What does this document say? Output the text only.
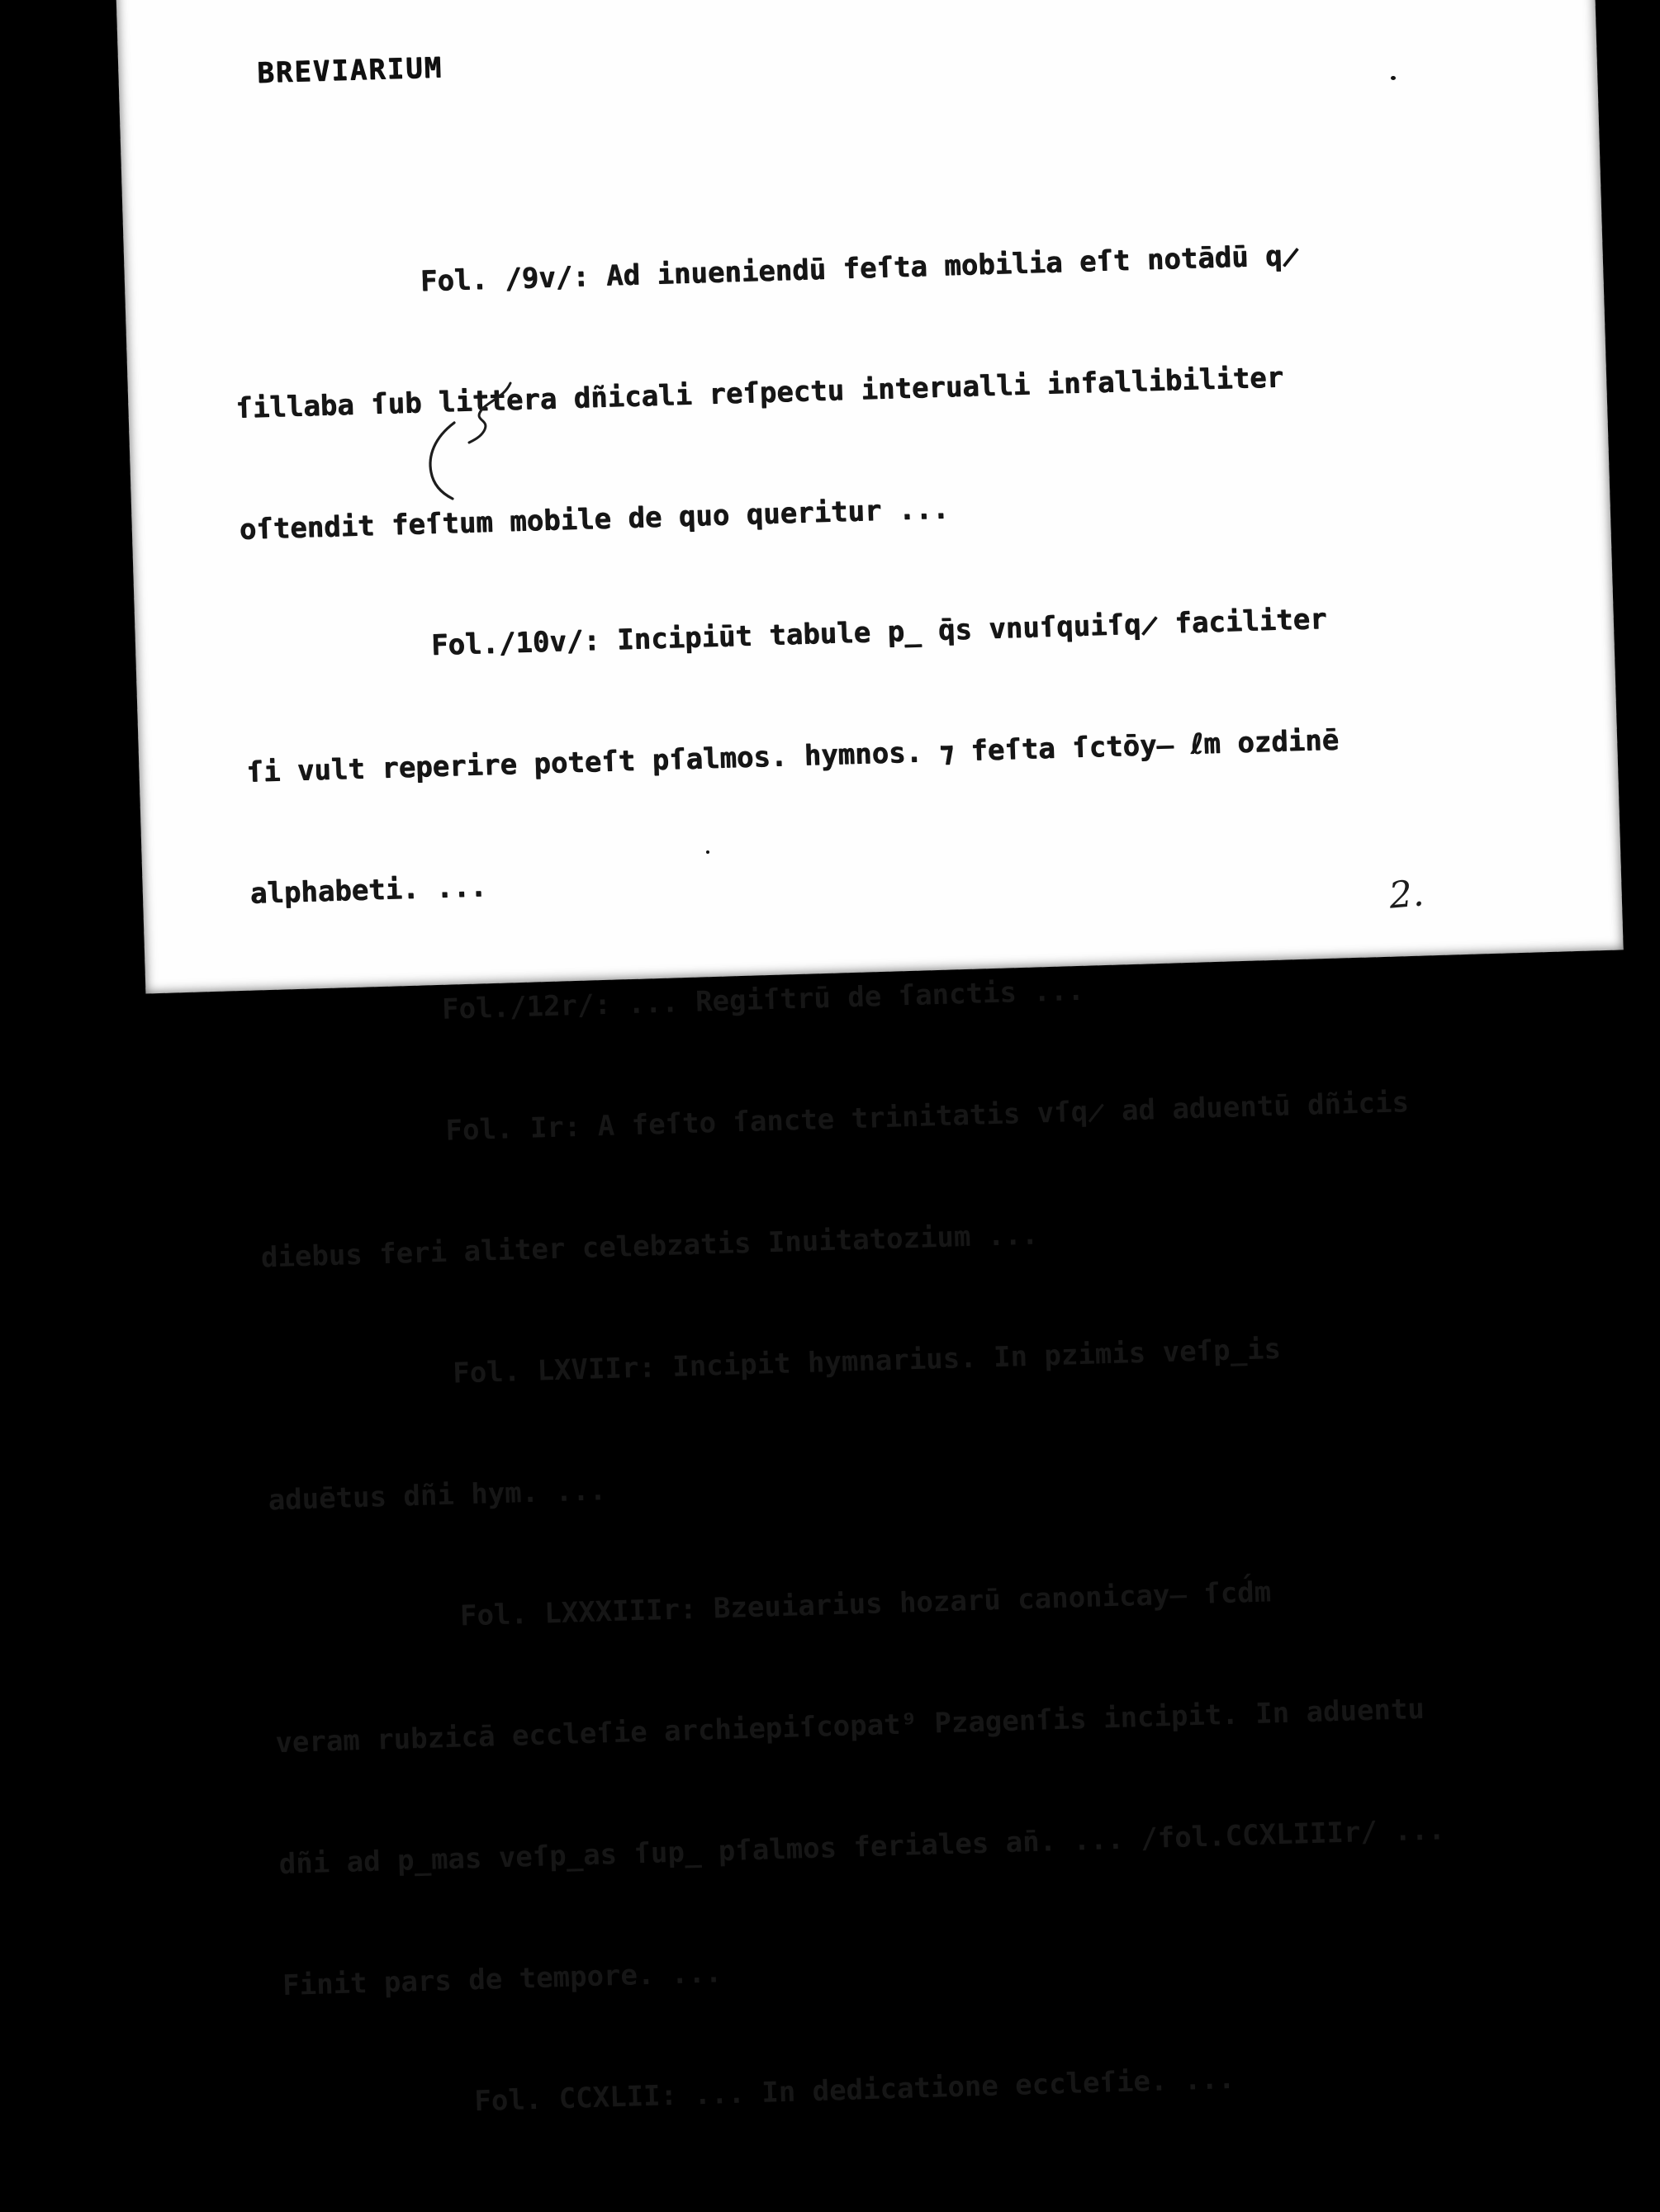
BREVIARIUM

Fol. /9v/: Ad inueniendū feſta mobilia eſt notādū q̷

ſillaba ſub littera dñicali reſpectu interualli infallibiliter

oſtendit feſtum mobile de quo queritur ...

Fol./10v/: Incipiūt tabule p̲ q̄s vnuſquiſq̷ faciliter

ſi vult reperire poteſt pſalmos. hymnos. ⁊ feſta ſctōy̶ ℓm ozdinē

alphabeti. ...

Fol./12r/: ... Regiſtrū de ſanctis ...

Fol. Ir: A feſto ſancte trinitatis vſq̷ ad aduentū dñicis

diebus feri aliter celebzatis Inuitatozium ...

Fol. LXVIIr: Incipit hymnarius. In pzimis veſp̲is

aduētus dñi hym. ...

Fol. LXXXIIIr: Bzeuiarius hozarū canonicay̶ ſcd́m

veram rubzicā eccleſie archiepiſcopat⁹ Pzagenſis incipit. In aduentu

dñi ad p̲mas veſp̲as ſup̲ pſalmos feriales an̄. ... /fol.CCXLIIIr/ ...

Finit pars de tempore. ...

Fol. CCXLII: ... In dedicatione eccleſie. ...

2.
